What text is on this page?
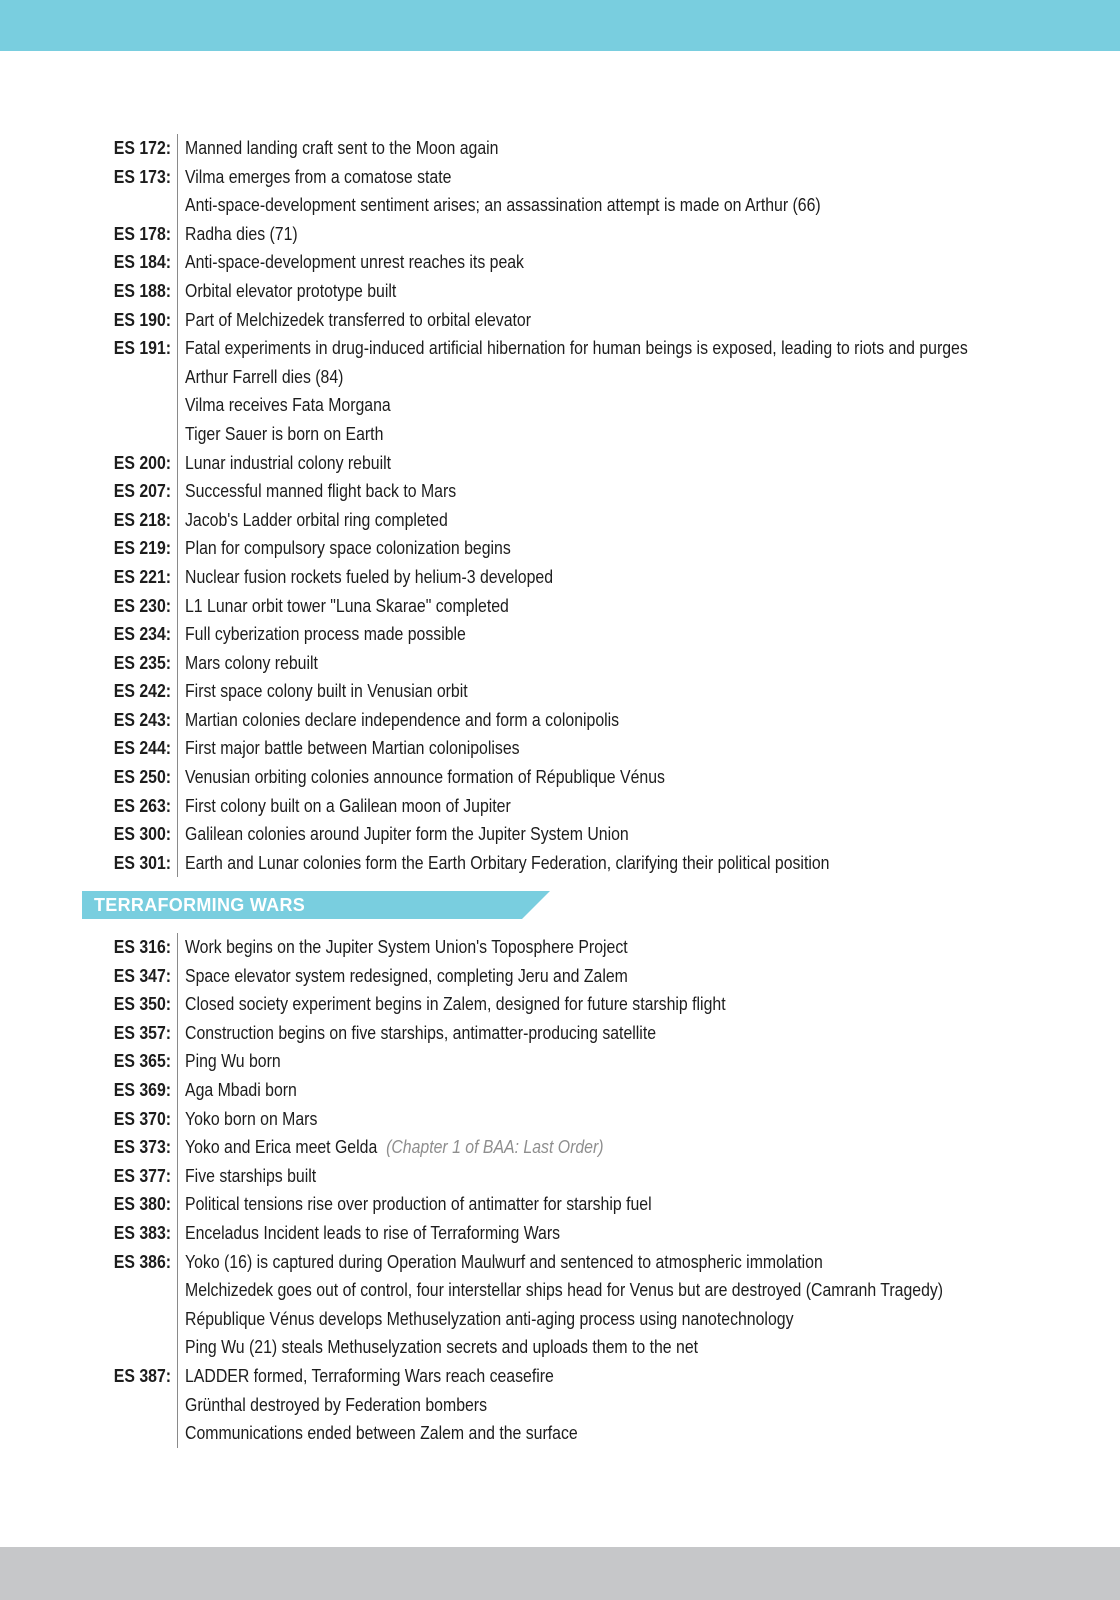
ES 172: Manned landing craft sent to the Moon again
ES 173: Vilma emerges from a comatose state
Anti-space-development sentiment arises; an assassination attempt is made on Arthur (66)
ES 178: Radha dies (71)
ES 184: Anti-space-development unrest reaches its peak
ES 188: Orbital elevator prototype built
ES 190: Part of Melchizedek transferred to orbital elevator
ES 191: Fatal experiments in drug-induced artificial hibernation for human beings is exposed, leading to riots and purges
Arthur Farrell dies (84)
Vilma receives Fata Morgana
Tiger Sauer is born on Earth
ES 200: Lunar industrial colony rebuilt
ES 207: Successful manned flight back to Mars
ES 218: Jacob's Ladder orbital ring completed
ES 219: Plan for compulsory space colonization begins
ES 221: Nuclear fusion rockets fueled by helium-3 developed
ES 230: L1 Lunar orbit tower "Luna Skarae" completed
ES 234: Full cyberization process made possible
ES 235: Mars colony rebuilt
ES 242: First space colony built in Venusian orbit
ES 243: Martian colonies declare independence and form a colonipolis
ES 244: First major battle between Martian colonipolises
ES 250: Venusian orbiting colonies announce formation of République Vénus
ES 263: First colony built on a Galilean moon of Jupiter
ES 300: Galilean colonies around Jupiter form the Jupiter System Union
ES 301: Earth and Lunar colonies form the Earth Orbitary Federation, clarifying their political position
TERRAFORMING WARS
ES 316: Work begins on the Jupiter System Union's Toposphere Project
ES 347: Space elevator system redesigned, completing Jeru and Zalem
ES 350: Closed society experiment begins in Zalem, designed for future starship flight
ES 357: Construction begins on five starships, antimatter-producing satellite
ES 365: Ping Wu born
ES 369: Aga Mbadi born
ES 370: Yoko born on Mars
ES 373: Yoko and Erica meet Gelda (Chapter 1 of BAA: Last Order)
ES 377: Five starships built
ES 380: Political tensions rise over production of antimatter for starship fuel
ES 383: Enceladus Incident leads to rise of Terraforming Wars
ES 386: Yoko (16) is captured during Operation Maulwurf and sentenced to atmospheric immolation
Melchizedek goes out of control, four interstellar ships head for Venus but are destroyed (Camranh Tragedy)
République Vénus develops Methuselyzation anti-aging process using nanotechnology
Ping Wu (21) steals Methuselyzation secrets and uploads them to the net
ES 387: LADDER formed, Terraforming Wars reach ceasefire
Grünthal destroyed by Federation bombers
Communications ended between Zalem and the surface
